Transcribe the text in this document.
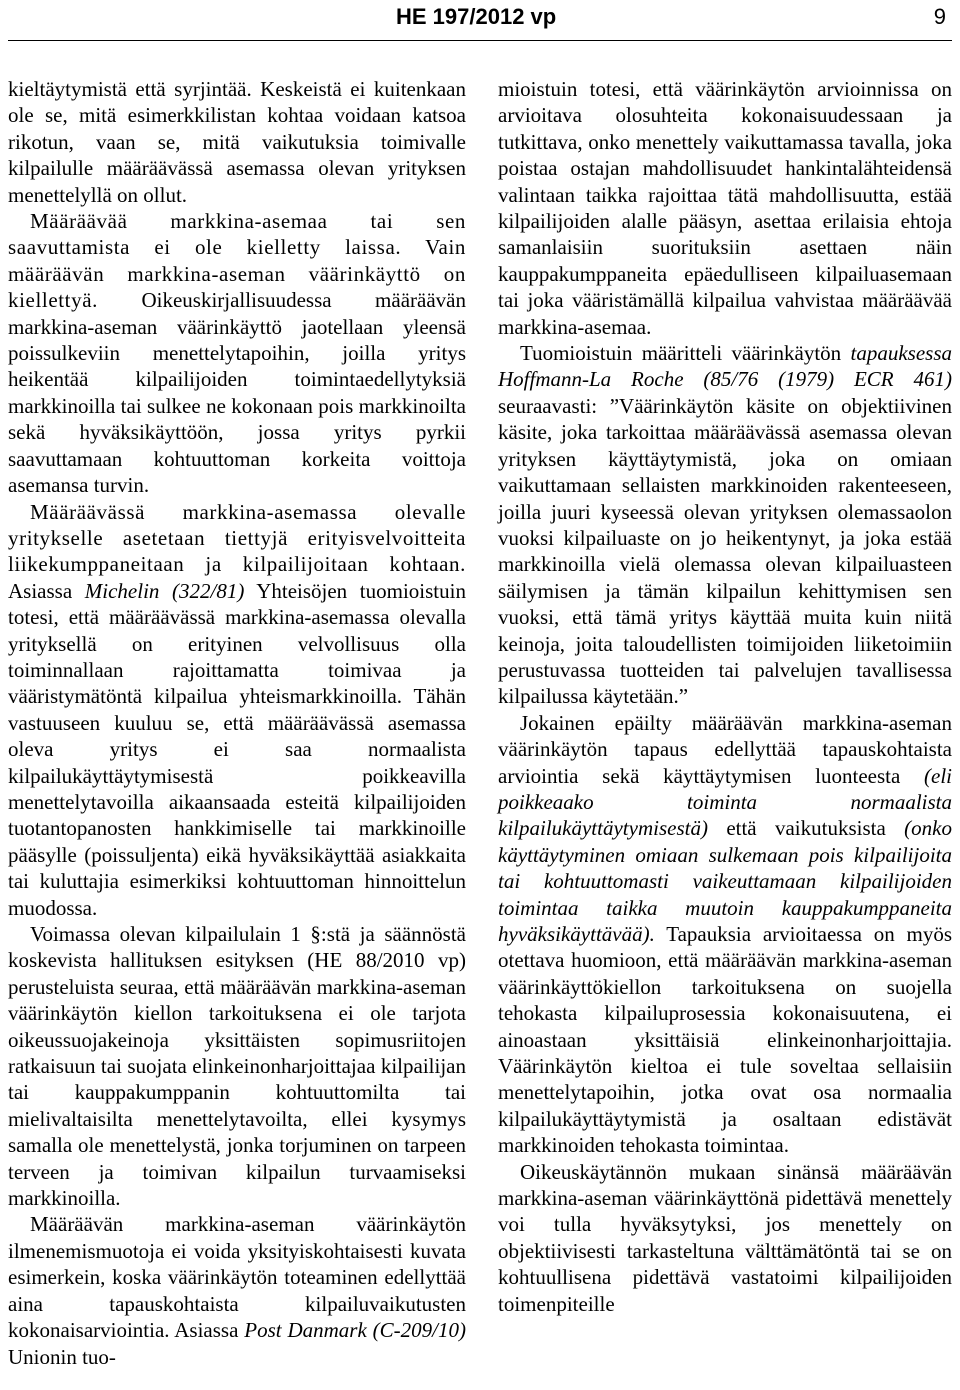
HE 197/2012 vp	9

kieltäytymistä että syrjintää. Keskeistä ei kuitenkaan ole se, mitä esimerkkilistan kohtaa voidaan katsoa rikotun, vaan se, mitä vaikutuksia toimivalle kilpailulle määräävässä asemassa olevan yrityksen menettelyllä on ollut.

Määräävää markkina-asemaa tai sen saavuttamista ei ole kielletty laissa. Vain määräävän markkina-aseman väärinkäyttö on kiellettyä. Oikeuskirjallisuudessa määräävän markkina-aseman väärinkäyttö jaotellaan yleensä poissulkeviin menettelytapoihin, joilla yritys heikentää kilpailijoiden toimintaedellytyksiä markkinoilla tai sulkee ne kokonaan pois markkinoilta sekä hyväksikäyttöön, jossa yritys pyrkii saavuttamaan kohtuuttoman korkeita voittoja asemansa turvin.

Määräävässä markkina-asemassa olevalle yritykselle asetetaan tiettyjä erityisvelvoitteita liikekumppaneitaan ja kilpailijoitaan kohtaan. Asiassa Michelin (322/81) Yhteisöjen tuomioistuin totesi, että määräävässä markkina-asemassa olevalla yrityksellä on erityinen velvollisuus olla toiminnallaan rajoittamatta toimivaa ja vääristymätöntä kilpailua yhteismarkkinoilla. Tähän vastuuseen kuuluu se, että määräävässä asemassa oleva yritys ei saa normaalista kilpailukäyttäytymisestä poikkeavilla menettelytavoilla aikaansaada esteitä kilpailijoiden tuotantopanosten hankkimiselle tai markkinoille pääsylle (poissuljenta) eikä hyväksikäyttää asiakkaita tai kuluttajia esimerkiksi kohtuuttoman hinnoittelun muodossa.

Voimassa olevan kilpailulain 1 §:stä ja säännöstä koskevista hallituksen esityksen (HE 88/2010 vp) perusteluista seuraa, että määräävän markkina-aseman väärinkäytön kiellon tarkoituksena ei ole tarjota oikeussuojakeinoja yksittäisten sopimusriitojen ratkaisuun tai suojata elinkeinonharjoittajaa kilpailijan tai kauppakumppanin kohtuuttomilta tai mielivaltaisilta menettelytavoilta, ellei kysymys samalla ole menettelystä, jonka torjuminen on tarpeen terveen ja toimivan kilpailun turvaamiseksi markkinoilla.

Määräävän markkina-aseman väärinkäytön ilmenemismuotoja ei voida yksityiskohtaisesti kuvata esimerkein, koska väärinkäytön toteaminen edellyttää aina tapauskohtaista kilpailuvaikutusten kokonaisarviointia. Asiassa Post Danmark (C-209/10) Unionin tuo-

mioistuin totesi, että väärinkäytön arvioinnissa on arvioitava olosuhteita kokonaisuudessaan ja tutkittava, onko menettely vaikuttamassa tavalla, joka poistaa ostajan mahdollisuudet hankintalähteidensä valintaan taikka rajoittaa tätä mahdollisuutta, estää kilpailijoiden alalle pääsyn, asettaa erilaisia ehtoja samanlaisiin suorituksiin asettaen näin kauppakumppaneita epäedulliseen kilpailuasemaan tai joka vääristämällä kilpailua vahvistaa määräävää markkina-asemaa.

Tuomioistuin määritteli väärinkäytön tapauksessa Hoffmann-La Roche (85/76 (1979) ECR 461) seuraavasti: ”Väärinkäytön käsite on objektiivinen käsite, joka tarkoittaa määräävässä asemassa olevan yrityksen käyttäytymistä, joka on omiaan vaikuttamaan sellaisten markkinoiden rakenteeseen, joilla juuri kyseessä olevan yrityksen olemassaolon vuoksi kilpailuaste on jo heikentynyt, ja joka estää markkinoilla vielä olemassa olevan kilpailuasteen säilymisen ja tämän kilpailun kehittymisen sen vuoksi, että tämä yritys käyttää muita kuin niitä keinoja, joita taloudellisten toimijoiden liiketoimiin perustuvassa tuotteiden tai palvelujen tavallisessa kilpailussa käytetään.”

Jokainen epäilty määräävän markkina-aseman väärinkäytön tapaus edellyttää tapauskohtaista arviointia sekä käyttäytymisen luonteesta (eli poikkeaako toiminta normaalista kilpailukäyttäytymisestä) että vaikutuksista (onko käyttäytyminen omiaan sulkemaan pois kilpailijoita tai kohtuuttomasti vaikeuttamaan kilpailijoiden toimintaa taikka muutoin kauppakumppaneita hyväksikäyttävää). Tapauksia arvioitaessa on myös otettava huomioon, että määräävän markkina-aseman väärinkäyttökiellon tarkoituksena on suojella tehokasta kilpailuprosessia kokonaisuutena, ei ainoastaan yksittäisiä elinkeinonharjoittajia. Väärinkäytön kieltoa ei tule soveltaa sellaisiin menettelytapoihin, jotka ovat osa normaalia kilpailukäyttäytymistä ja osaltaan edistävät markkinoiden tehokasta toimintaa.

Oikeuskäytännön mukaan sinänsä määräävän markkina-aseman väärinkäyttönä pidettävä menettely voi tulla hyväksytyksi, jos menettely on objektiivisesti tarkasteltuna välttämätöntä tai se on kohtuullisena pidettävä vastatoimi kilpailijoiden toimenpiteille
